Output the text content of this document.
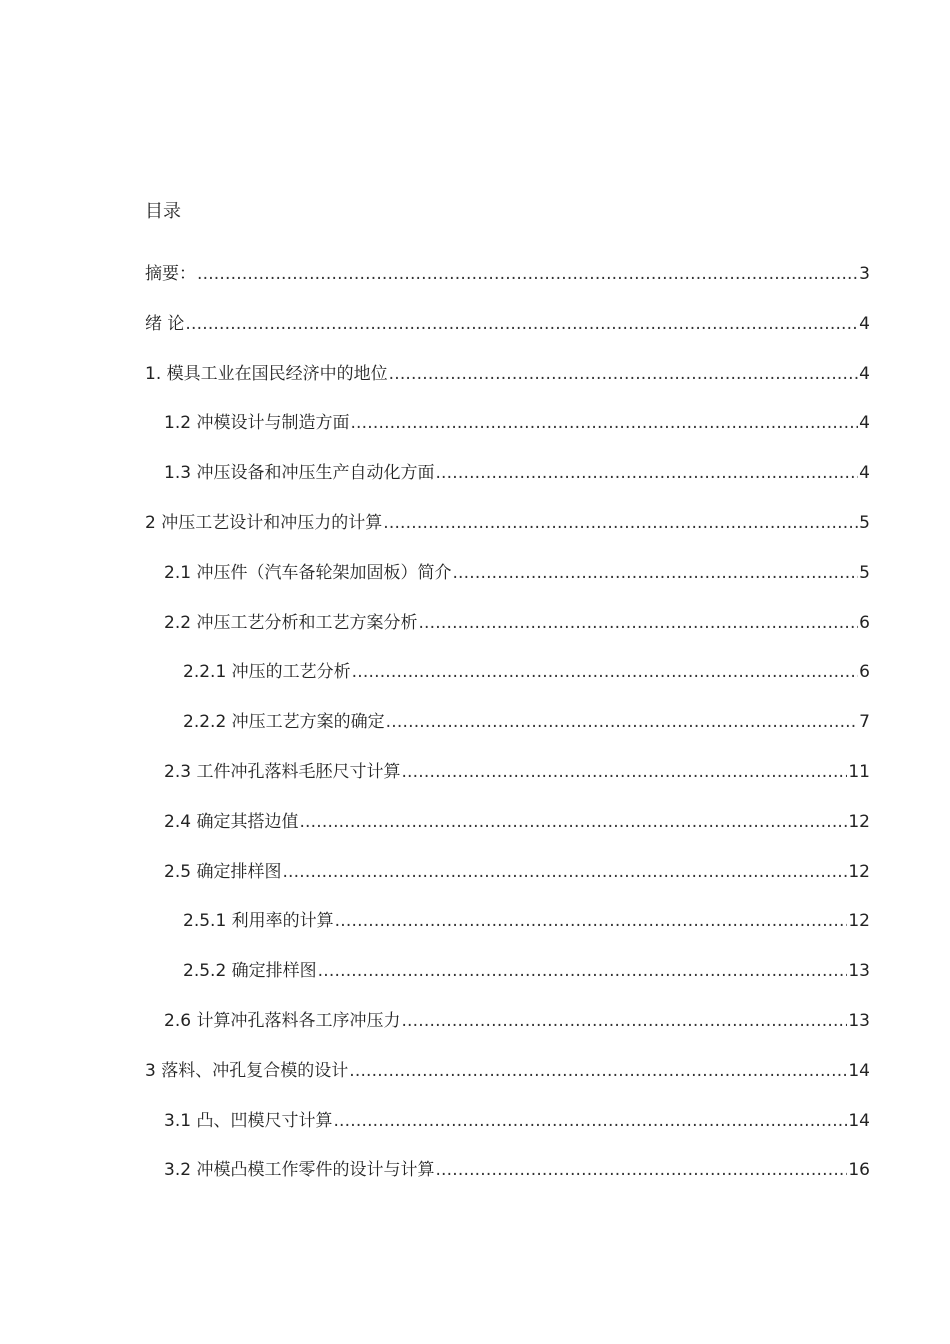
目录
摘要： .....	3
绪 论 .....	4
1. 模具工业在国民经济中的地位 .....	4
1.2 冲模设计与制造方面 .....	4
1.3 冲压设备和冲压生产自动化方面 .....	4
2 冲压工艺设计和冲压力的计算 .....	5
2.1 冲压件（汽车备轮架加固板）简介 .....	5
2.2 冲压工艺分析和工艺方案分析 .....	6
2.2.1 冲压的工艺分析 .....	6
2.2.2 冲压工艺方案的确定 .....	7
2.3 工件冲孔落料毛胚尺寸计算 .....	11
2.4 确定其搭边值 .....	12
2.5 确定排样图 .....	12
2.5.1 利用率的计算 .....	12
2.5.2 确定排样图 .....	13
2.6 计算冲孔落料各工序冲压力 .....	13
3 落料、冲孔复合模的设计 .....	14
3.1 凸、凹模尺寸计算 .....	14
3.2 冲模凸模工作零件的设计与计算 .....	16
